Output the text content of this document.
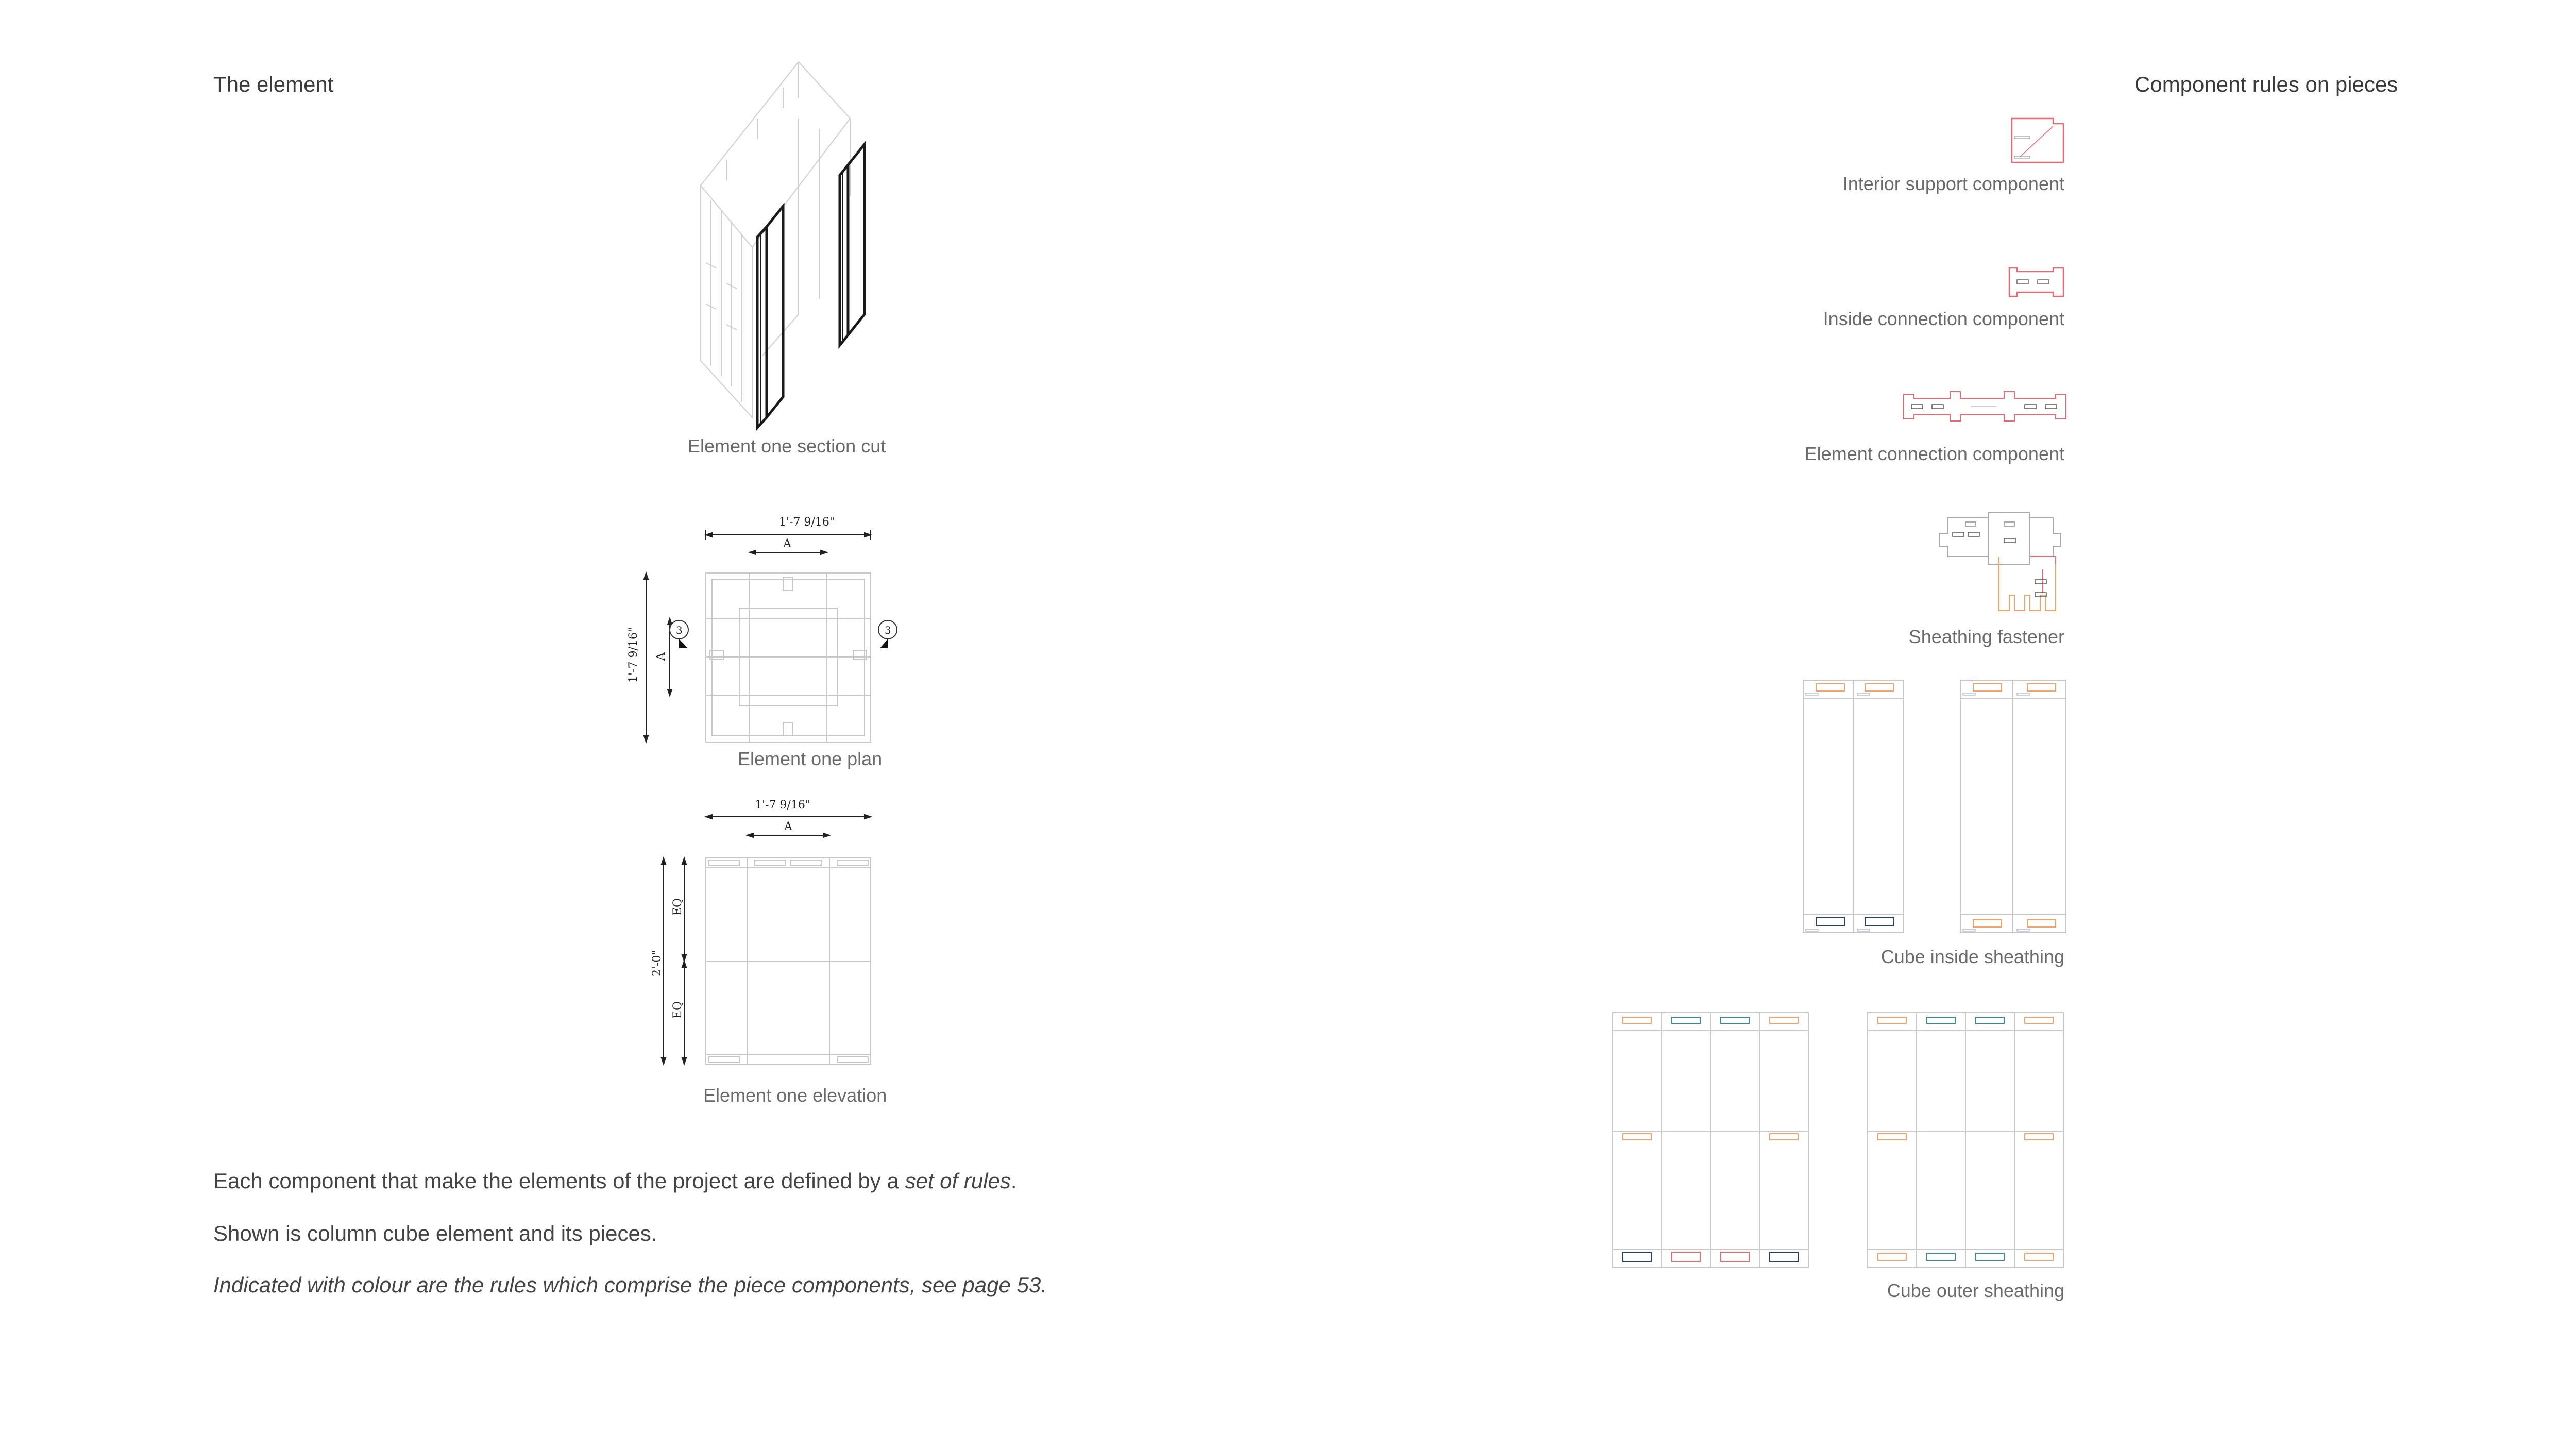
The element
Element one section cut
1'-7 9/16"
A
1'-7 9/16" A
3	3
Element one plan
1'-7 9/16"
A
2'-0"
EQ
EQ
Element one elevation
Each component that make the elements of the project are defined by a set of rules.
Shown is column cube element and its pieces.
Indicated with colour are the rules which comprise the piece components, see page 53.
Component rules on pieces
Interior support component
Inside connection component
Element connection component
Sheathing fastener
Cube inside sheathing
Cube outer sheathing
